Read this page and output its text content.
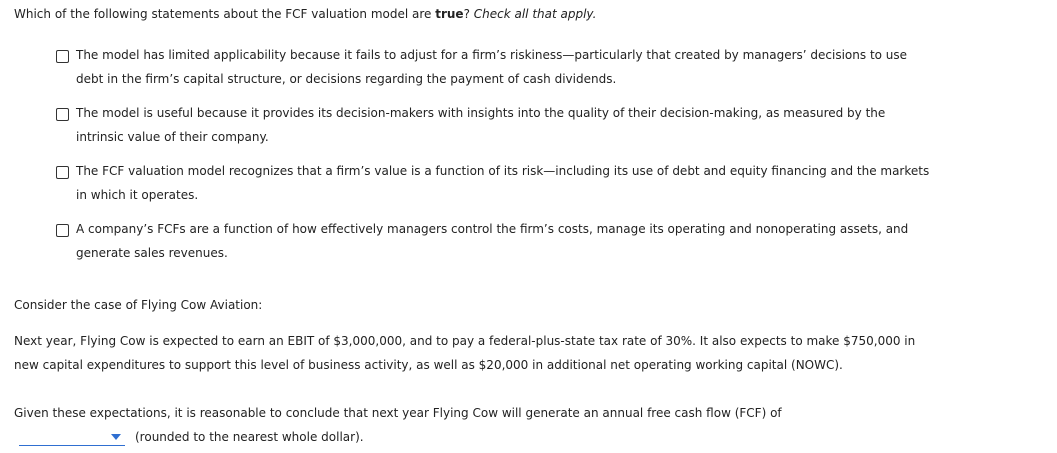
Which of the following statements about the FCF valuation model are true? Check all that apply.
The model has limited applicability because it fails to adjust for a firm’s riskiness—particularly that created by managers’ decisions to use debt in the firm’s capital structure, or decisions regarding the payment of cash dividends.
The model is useful because it provides its decision-makers with insights into the quality of their decision-making, as measured by the intrinsic value of their company.
The FCF valuation model recognizes that a firm’s value is a function of its risk—including its use of debt and equity financing and the markets in which it operates.
A company’s FCFs are a function of how effectively managers control the firm’s costs, manage its operating and nonoperating assets, and generate sales revenues.
Consider the case of Flying Cow Aviation:
Next year, Flying Cow is expected to earn an EBIT of $3,000,000, and to pay a federal-plus-state tax rate of 30%. It also expects to make $750,000 in new capital expenditures to support this level of business activity, as well as $20,000 in additional net operating working capital (NOWC).
Given these expectations, it is reasonable to conclude that next year Flying Cow will generate an annual free cash flow (FCF) of
(rounded to the nearest whole dollar).
